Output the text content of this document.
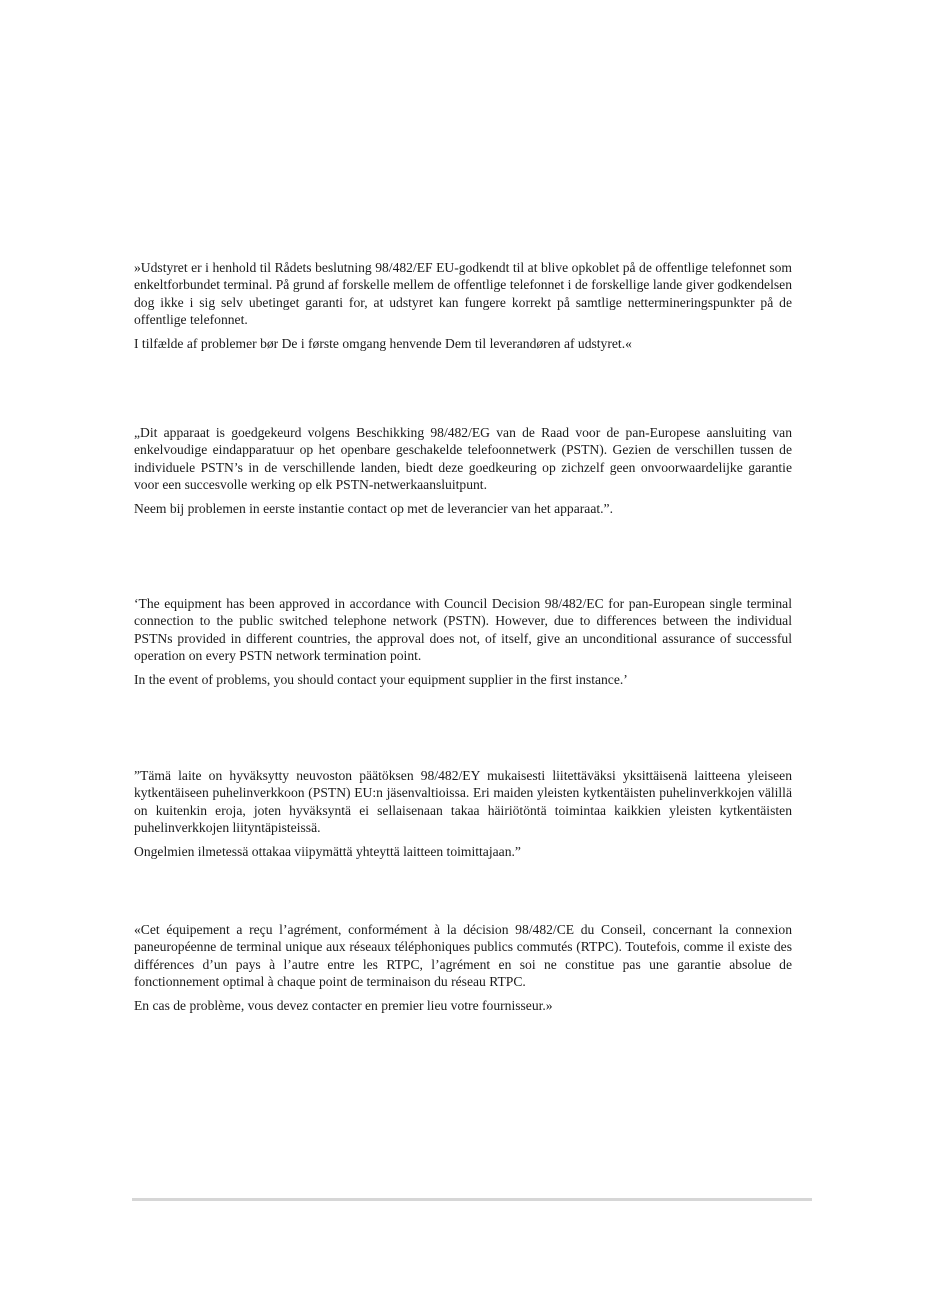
»Udstyret er i henhold til Rådets beslutning 98/482/EF EU-godkendt til at blive opkoblet på de offentlige telefonnet som enkeltforbundet terminal. På grund af forskelle mellem de offentlige telefonnet i de forskellige lande giver godkendelsen dog ikke i sig selv ubetinget garanti for, at udstyret kan fungere korrekt på samtlige nettermineringspunkter på de offentlige telefonnet.

I tilfælde af problemer bør De i første omgang henvende Dem til leverandøren af udstyret.«

„Dit apparaat is goedgekeurd volgens Beschikking 98/482/EG van de Raad voor de pan-Europese aansluiting van enkelvoudige eindapparatuur op het openbare geschakelde telefoonnetwerk (PSTN). Gezien de verschillen tussen de individuele PSTN’s in de verschillende landen, biedt deze goedkeuring op zichzelf geen onvoorwaardelijke garantie voor een succesvolle werking op elk PSTN-netwerkaansluitpunt.

Neem bij problemen in eerste instantie contact op met de leverancier van het apparaat.”.

‘The equipment has been approved in accordance with Council Decision 98/482/EC for pan-European single terminal connection to the public switched telephone network (PSTN). However, due to differences between the individual PSTNs provided in different countries, the approval does not, of itself, give an unconditional assurance of successful operation on every PSTN network termination point.

In the event of problems, you should contact your equipment supplier in the first instance.’

”Tämä laite on hyväksytty neuvoston päätöksen 98/482/EY mukaisesti liitettäväksi yksittäisenä laitteena yleiseen kytkentäiseen puhelinverkkoon (PSTN) EU:n jäsenvaltioissa. Eri maiden yleisten kytkentäisten puhelinverkkojen välillä on kuitenkin eroja, joten hyväksyntä ei sellaisenaan takaa häiriötöntä toimintaa kaikkien yleisten kytkentäisten puhelinverkkojen liityntäpisteissä.

Ongelmien ilmetessä ottakaa viipymättä yhteyttä laitteen toimittajaan.”

«Cet équipement a reçu l’agrément, conformément à la décision 98/482/CE du Conseil, concernant la connexion paneuropéenne de terminal unique aux réseaux téléphoniques publics commutés (RTPC). Toutefois, comme il existe des différences d’un pays à l’autre entre les RTPC, l’agrément en soi ne constitue pas une garantie absolue de fonctionnement optimal à chaque point de terminaison du réseau RTPC.

En cas de problème, vous devez contacter en premier lieu votre fournisseur.»
